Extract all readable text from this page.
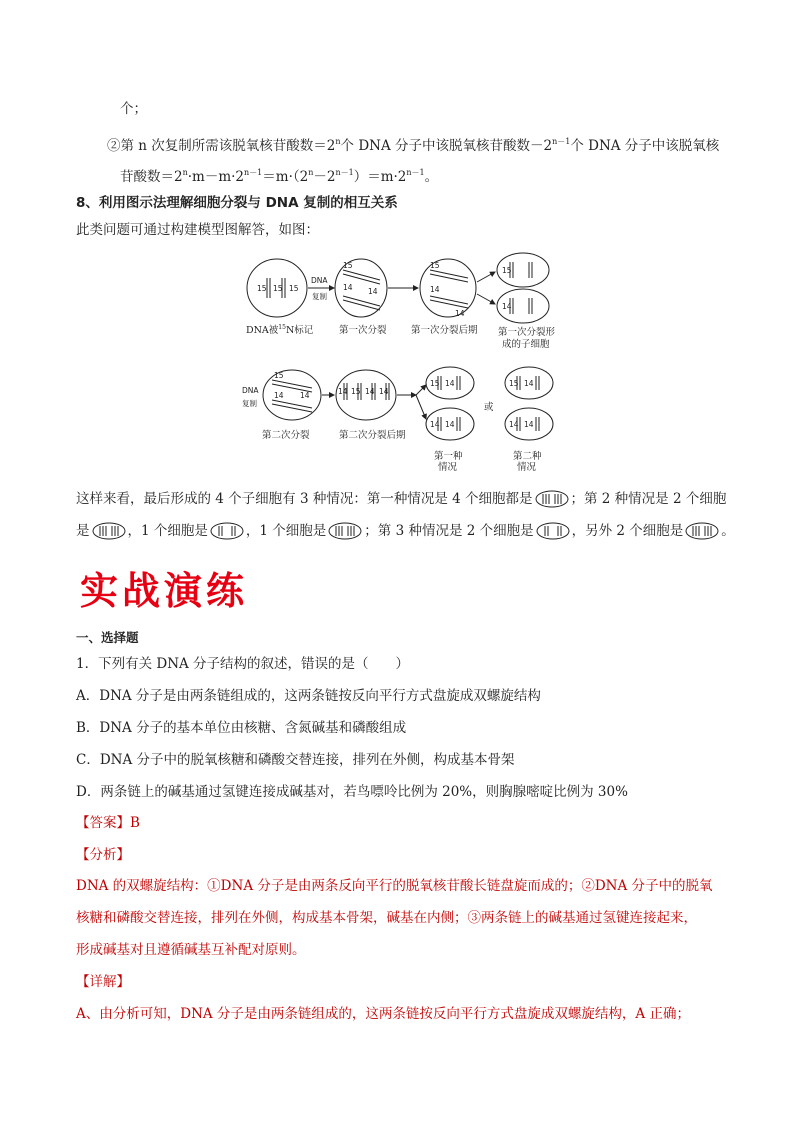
个；
②第 n 次复制所需该脱氧核苷酸数$=2^n$个 DNA 分子中该脱氧核苷酸数$-2^{n-1}$个 DNA 分子中该脱氧核
苷酸数$=2^n\cdot m-m\cdot 2^{n-1}=m\cdot(2^n-2^{n-1})=m\cdot 2^{n-1}$。
8、利用图示法理解细胞分裂与 DNA 复制的相互关系
此类问题可通过构建模型图解答，如图：
15 15 15
15
14 14
15
14
14
15
14
15
14 14	14 15 14 14
15 14
14 14
15 14
14 14
DNA
复制
DNA
复制
DNA被$^{15}$N标记	第一次分裂	第一次分裂后期 第一次分裂形
成的子细胞
第二次分裂	第二次分裂后期
第一种
情况
或
第二种
情况
这样来看，最后形成的 4 个子细胞有 3 种情况：第一种情况是 4 个细胞都是	；第 2 种情况是 2 个细胞
是	，1 个细胞是	，1 个细胞是	；第 3 种情况是 2 个细胞是	，另外 2 个细胞是	。
实战演练
一、选择题
1．下列有关 DNA 分子结构的叙述，错误的是（　　）
A．DNA 分子是由两条链组成的，这两条链按反向平行方式盘旋成双螺旋结构
B．DNA 分子的基本单位由核糖、含氮碱基和磷酸组成
C．DNA 分子中的脱氧核糖和磷酸交替连接，排列在外侧，构成基本骨架
D．两条链上的碱基通过氢键连接成碱基对，若鸟嘌呤比例为 20%，则胸腺嘧啶比例为 30%
【答案】B
【分析】
DNA 的双螺旋结构：①DNA 分子是由两条反向平行的脱氧核苷酸长链盘旋而成的；②DNA 分子中的脱氧
核糖和磷酸交替连接，排列在外侧，构成基本骨架，碱基在内侧；③两条链上的碱基通过氢键连接起来，
形成碱基对且遵循碱基互补配对原则。
【详解】
A、由分析可知，DNA 分子是由两条链组成的，这两条链按反向平行方式盘旋成双螺旋结构，A 正确；
